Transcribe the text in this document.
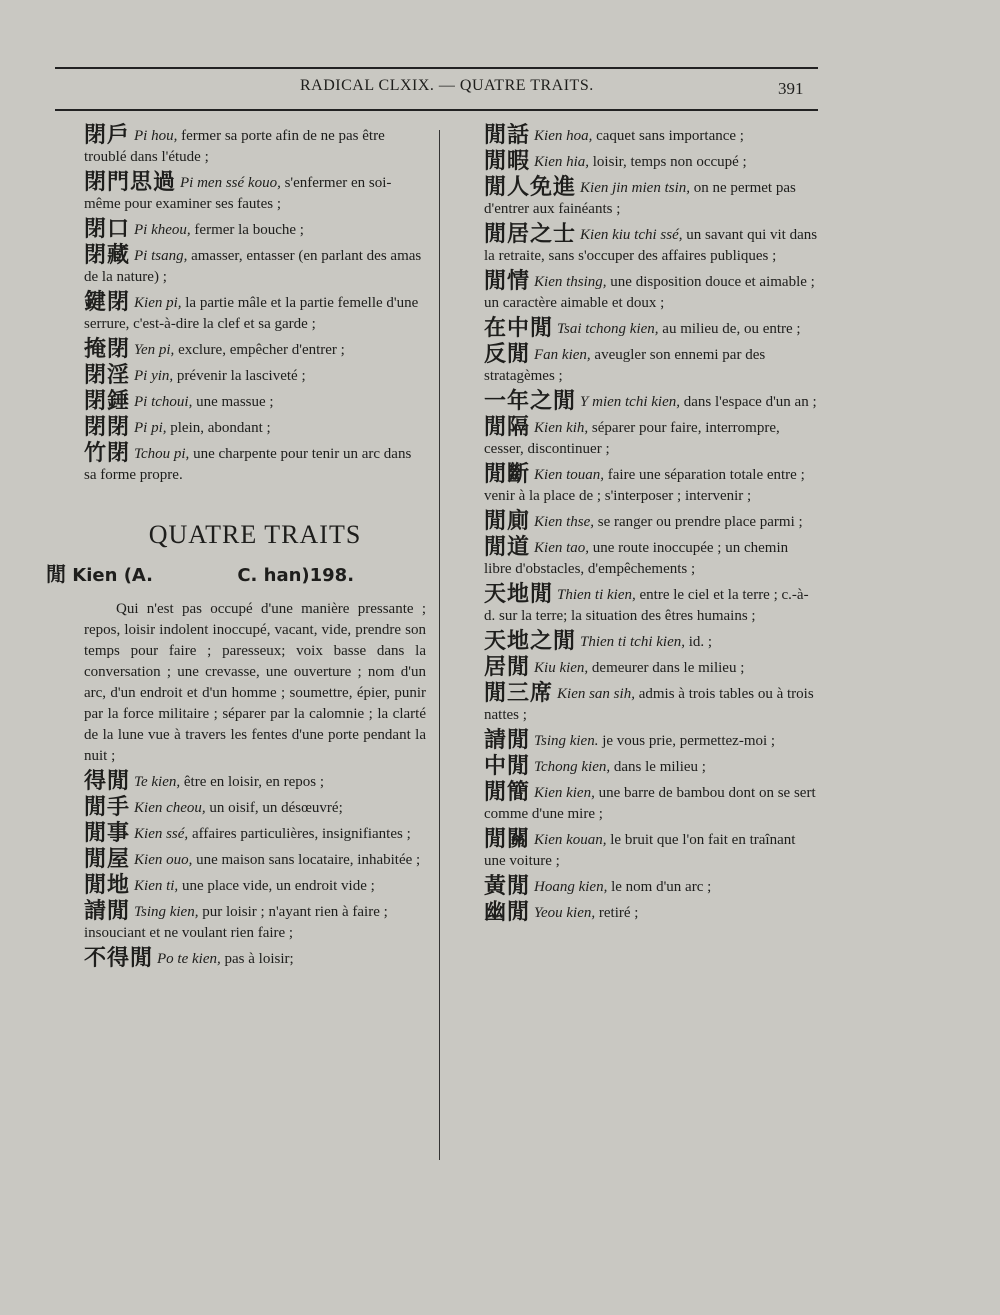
RADICAL CLXIX. — QUATRE TRAITS.	391
閉戶 Pi hou, fermer sa porte afin de ne pas être troublé dans l'étude ;
閉門思過 Pi men ssé kouo, s'enfermer en soi-même pour examiner ses fautes ;
閉口 Pi kheou, fermer la bouche ;
閉藏 Pi tsang, amasser, entasser (en parlant des amas de la nature) ;
鍵閉 Kien pi, la partie mâle et la partie femelle d'une serrure, c'est-à-dire la clef et sa garde ;
掩閉 Yen pi, exclure, empêcher d'entrer ;
閉淫 Pi yin, prévenir la lasciveté ;
閉錘 Pi tchoui, une massue ;
閉閉 Pi pi, plein, abondant ;
竹閉 Tchou pi, une charpente pour tenir un arc dans sa forme propre.
QUATRE TRAITS
閒 Kien (A.	C. han)198.
Qui n'est pas occupé d'une manière pressante ; repos, loisir indolent inoccupé, vacant, vide, prendre son temps pour faire ; paresseux; voix basse dans la conversation ; une crevasse, une ouverture ; nom d'un arc, d'un endroit et d'un homme ; soumettre, épier, punir par la force militaire ; séparer par la calomnie ; la clarté de la lune vue à travers les fentes d'une porte pendant la nuit ;
得閒 Te kien, être en loisir, en repos ;
閒手 Kien cheou, un oisif, un désœuvré;
閒事 Kien ssé, affaires particulières, insignifiantes ;
閒屋 Kien ouo, une maison sans locataire, inhabitée ;
閒地 Kien ti, une place vide, un endroit vide ;
請閒 Tsing kien, pur loisir ; n'ayant rien à faire ; insouciant et ne voulant rien faire ;
不得閒 Po te kien, pas à loisir;
閒話 Kien hoa, caquet sans importance ;
閒暇 Kien hia, loisir, temps non occupé ;
閒人免進 Kien jin mien tsin, on ne permet pas d'entrer aux fainéants ;
閒居之士 Kien kiu tchi ssé, un savant qui vit dans la retraite, sans s'occuper des affaires publiques ;
閒情 Kien thsing, une disposition douce et aimable ; un caractère aimable et doux ;
在中閒 Tsai tchong kien, au milieu de, ou entre ;
反閒 Fan kien, aveugler son ennemi par des stratagèmes ;
一年之閒 Y mien tchi kien, dans l'espace d'un an ;
閒隔 Kien kih, séparer pour faire, interrompre, cesser, discontinuer ;
閒斷 Kien touan, faire une séparation totale entre ; venir à la place de ; s'interposer ; intervenir ;
閒廁 Kien thse, se ranger ou prendre place parmi ;
閒道 Kien tao, une route inoccupée ; un chemin libre d'obstacles, d'empêchements ;
天地閒 Thien ti kien, entre le ciel et la terre ; c.-à-d. sur la terre; la situation des êtres humains ;
天地之閒 Thien ti tchi kien, id. ;
居閒 Kiu kien, demeurer dans le milieu ;
閒三席 Kien san sih, admis à trois tables ou à trois nattes ;
請閒 Tsing kien. je vous prie, permettez-moi ;
中閒 Tchong kien, dans le milieu ;
閒簡 Kien kien, une barre de bambou dont on se sert comme d'une mire ;
閒關 Kien kouan, le bruit que l'on fait en traînant une voiture ;
黃閒 Hoang kien, le nom d'un arc ;
幽閒 Yeou kien, retiré ;
